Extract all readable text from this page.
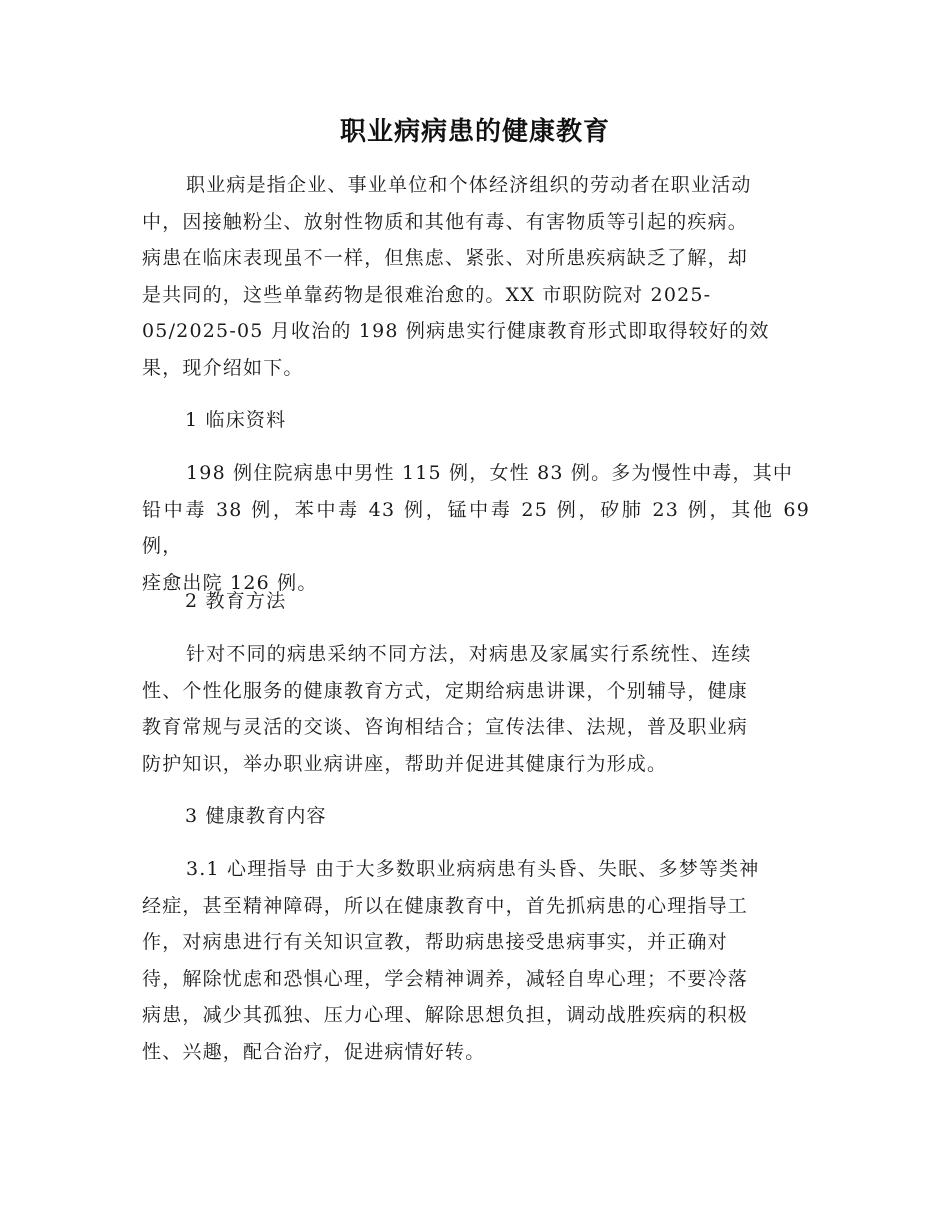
职业病病患的健康教育

职业病是指企业、事业单位和个体经济组织的劳动者在职业活动
中，因接触粉尘、放射性物质和其他有毒、有害物质等引起的疾病。
病患在临床表现虽不一样，但焦虑、紧张、对所患疾病缺乏了解，却
是共同的，这些单靠药物是很难治愈的。XX 市职防院对 2025-
05/2025-05 月收治的 198 例病患实行健康教育形式即取得较好的效
果，现介绍如下。

1 临床资料

198 例住院病患中男性 115 例，女性 83 例。多为慢性中毒，其中
铅中毒 38 例，苯中毒 43 例，锰中毒 25 例，矽肺 23 例，其他 69 例，
痊愈出院 126 例。

2 教育方法

针对不同的病患采纳不同方法，对病患及家属实行系统性、连续
性、个性化服务的健康教育方式，定期给病患讲课，个别辅导，健康
教育常规与灵活的交谈、咨询相结合；宣传法律、法规，普及职业病
防护知识，举办职业病讲座，帮助并促进其健康行为形成。

3 健康教育内容

3.1 心理指导 由于大多数职业病病患有头昏、失眠、多梦等类神
经症，甚至精神障碍，所以在健康教育中，首先抓病患的心理指导工
作，对病患进行有关知识宣教，帮助病患接受患病事实，并正确对
待，解除忧虑和恐惧心理，学会精神调养，减轻自卑心理；不要冷落
病患，减少其孤独、压力心理、解除思想负担，调动战胜疾病的积极
性、兴趣，配合治疗，促进病情好转。
